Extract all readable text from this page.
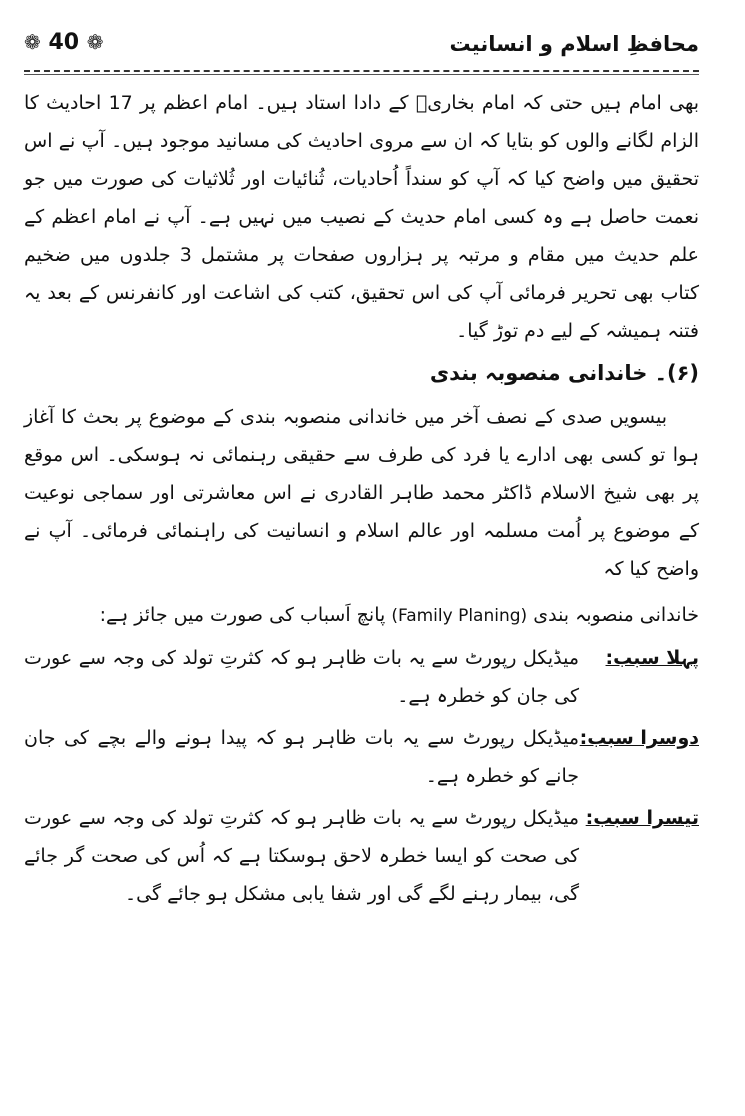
محافظِ اسلام و انسانیت
❁ 40 ❁

بھی امام ہیں حتی کہ امام بخاریؒ کے دادا استاد ہیں۔ امام اعظم پر 17 احادیث کا الزام لگانے والوں کو بتایا کہ ان سے مروی احادیث کی مسانید موجود ہیں۔ آپ نے اس تحقیق میں واضح کیا کہ آپ کو سنداً اُحادیات، ثُنائیات اور ثُلاثیات کی صورت میں جو نعمت حاصل ہے وہ کسی امام حدیث کے نصیب میں نہیں ہے۔ آپ نے امام اعظم کے علم حدیث میں مقام و مرتبہ پر ہزاروں صفحات پر مشتمل 3 جلدوں میں ضخیم کتاب بھی تحریر فرمائی آپ کی اس تحقیق، کتب کی اشاعت اور کانفرنس کے بعد یہ فتنہ ہمیشہ کے لیے دم توڑ گیا۔

(۶)۔ خاندانی منصوبہ بندی

بیسویں صدی کے نصف آخر میں خاندانی منصوبہ بندی کے موضوع پر بحث کا آغاز ہوا تو کسی بھی ادارے یا فرد کی طرف سے حقیقی رہنمائی نہ ہوسکی۔ اس موقع پر بھی شیخ الاسلام ڈاکٹر محمد طاہر القادری نے اس معاشرتی اور سماجی نوعیت کے موضوع پر اُمت مسلمہ اور عالم اسلام و انسانیت کی راہنمائی فرمائی۔ آپ نے واضح کیا کہ

خاندانی منصوبہ بندی (Family Planing) پانچ اَسباب کی صورت میں جائز ہے:

پہلا سبب:
میڈیکل رپورٹ سے یہ بات ظاہر ہو کہ کثرتِ تولد کی وجہ سے عورت کی جان کو خطرہ ہے۔
دوسرا سبب:
میڈیکل رپورٹ سے یہ بات ظاہر ہو کہ پیدا ہونے والے بچے کی جان جانے کو خطرہ ہے۔
تیسرا سبب:
میڈیکل رپورٹ سے یہ بات ظاہر ہو کہ کثرتِ تولد کی وجہ سے عورت کی صحت کو ایسا خطرہ لاحق ہوسکتا ہے کہ اُس کی صحت گر جائے گی، بیمار رہنے لگے گی اور شفا یابی مشکل ہو جائے گی۔
